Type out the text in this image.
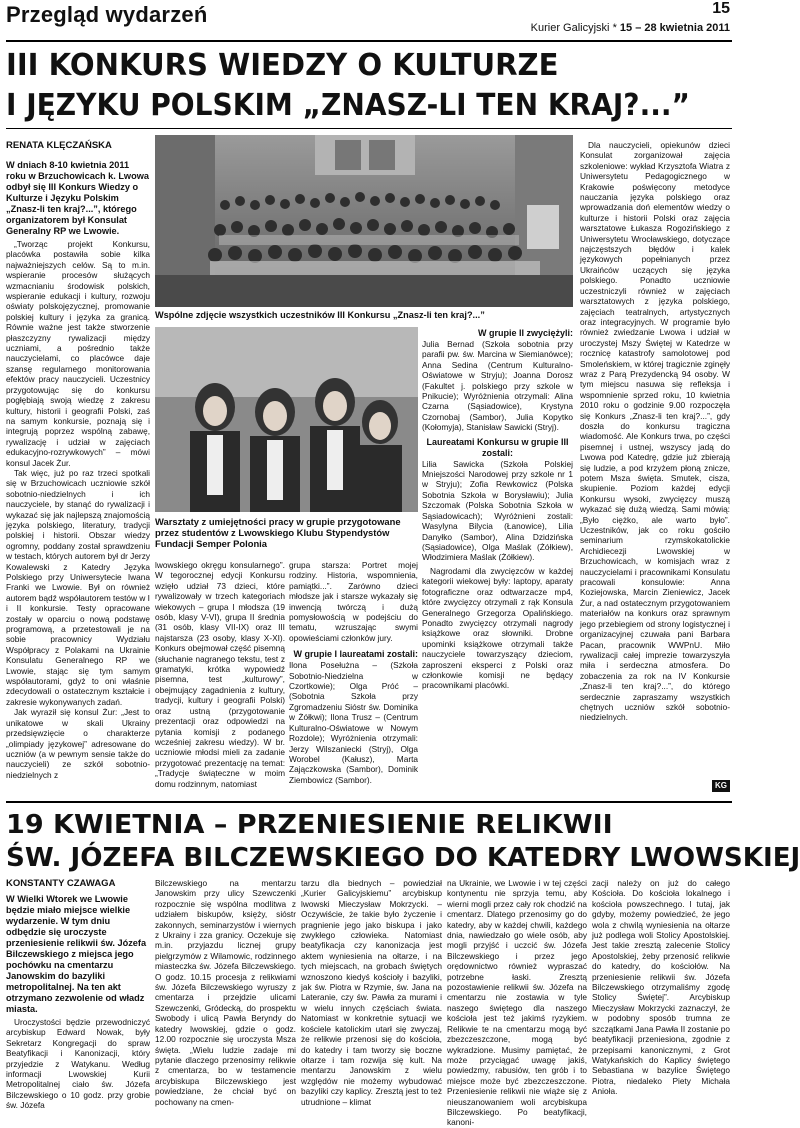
Przegląd wydarzeń	15
Kurier Galicyjski * 15 – 28 kwietnia 2011
III KONKURS WIEDZY O KULTURZE
I JĘZYKU POLSKIM „ZNASZ-LI TEN KRAJ?...”
RENATA KLĘCZAŃSKA
W dniach 8-10 kwietnia 2011 roku w Brzuchowicach k. Lwowa odbył się III Konkurs Wiedzy o Kulturze i Języku Polskim „Znasz-li ten kraj?...”, którego organizatorem był Konsulat Generalny RP we Lwowie.

„Tworząc projekt Konkursu, placówka postawiła sobie kilka najważniejszych celów. Są to m.in. wspieranie procesów służących wzmacnianiu środowisk polskich, wspieranie edukacji i kultury, rozwoju oświaty polskojęzycznej, promowanie polskiej kultury i języka za granicą. Równie ważne jest także stworzenie płaszczyzny rywalizacji między uczniami, a pośrednio także nauczycielami, co placówce daje szansę regularnego monitorowania efektów pracy nauczycieli. Uczestnicy przygotowując się do konkursu pogłębiają swoją wiedzę z zakresu kultury, historii i geografii Polski, zaś na samym konkursie, poznają się i integrują poprzez wspólną zabawę, rywalizację i udział w zajęciach edukacyjno-rozrywkowych” – mówi konsul Jacek Żur.

Tak więc, już po raz trzeci spotkali się w Brzuchowicach uczniowie szkół sobotnio-niedzielnych i ich nauczyciele, by stanąć do rywalizacji i wykazać się jak najlepszą znajomością języka polskiego, literatury, tradycji polskiej i historii. Obszar wiedzy ogromny, poddany został sprawdzeniu w testach, których autorem był dr Jerzy Kowalewski z Katedry Języka Polskiego przy Uniwersytecie Iwana Franki we Lwowie. Był on również autorem bądź współautorem testów w I i II konkursie. Testy opracowane zostały w oparciu o nową podstawę programową, a przetestowali je na sobie pracownicy Wydziału Współpracy z Polakami na Ukrainie Konsulatu Generalnego RP we Lwowie, stając się tym samym współautorami, gdyż to oni właśnie zdecydowali o ostatecznym kształcie i zakresie wykonywanych zadań.

Jak wyraził się konsul Żur: „Jest to unikatowe w skali Ukrainy przedsięwzięcie o charakterze „olimpiady językowej” adresowane do uczniów (a w pewnym sensie także do nauczycieli) ze szkół sobotnio-niedzielnych z

Wspólne zdjęcie wszystkich uczestników III Konkursu „Znasz-li ten kraj?...”
Warsztaty z umiejętności pracy w grupie przygotowane przez studentów z Lwowskiego Klubu Stypendystów Fundacji Semper Polonia
W grupie II zwyciężyli:
Julia Bernad (Szkoła sobotnia przy parafii pw. św. Marcina w Siemianówce); Anna Sedina (Centrum Kulturalno-Oświatowe w Stryju); Joanna Dorosz (Fakultet j. polskiego przy szkole w Pnikucie); Wyróżnienia otrzymali: Alina Czarna (Sąsiadowice), Krystyna Czornobaj (Sambor), Julia Kopytko (Kołomyja), Stanisław Sawicki (Stryj).
Laureatami Konkursu w grupie III zostali:
Lilia Sawicka (Szkoła Polskiej Mniejszości Narodowej przy szkole nr 1 w Stryju); Zofia Rewkowicz (Polska Sobotnia Szkoła w Borysławiu); Julia Szczomak (Polska Sobotnia Szkoła w Sąsiadowicach); Wyróżnieni zostali: Wasylyna Bilycia (Łanowice), Lilia Danyłko (Sambor), Alina Dzidzińska (Sąsiadowice), Olga Maślak (Żółkiew), Włodzimiera Maślak (Żółkiew).

lwowskiego okręgu konsularnego”. W tegorocznej edycji Konkursu wzięło udział 73 dzieci, które rywalizowały w trzech kategoriach wiekowych – grupa I młodsza (19 osób, klasy V-VI), grupa II średnia (31 osób, klasy VII-IX) oraz III najstarsza (23 osoby, klasy X-XI). Konkurs obejmował część pisemną (słuchanie nagranego tekstu, test z gramatyki, krótka wypowiedź pisemna, test „kulturowy”, obejmujący zagadnienia z kultury, tradycji, kultury i geografii Polski) oraz ustną (przygotowanie prezentacji oraz odpowiedzi na pytania komisji z podanego wcześniej zakresu wiedzy). W br. uczniowie młodsi mieli za zadanie przygotować prezentację na temat: „Tradycje świąteczne w moim domu rodzinnym, natomiast

grupa starsza: Portret mojej rodziny. Historia, wspomnienia, pamiątki...”. Zarówno dzieci młodsze jak i starsze wykazały się inwencją twórczą i dużą pomysłowością w podejściu do tematu, wzruszając swymi opowieściami członków jury.

W grupie I laureatami zostali:
Ilona Posełużna – (Szkoła Sobotnio-Niedzielna w Czortkowie); Olga Próć – (Sobotnia Szkoła przy Zgromadzeniu Sióstr św. Dominika w Żółkwi); Ilona Trusz – (Centrum Kulturalno-Oświatowe w Nowym Rozdole); Wyróżnienia otrzymali: Jerzy Wilszaniecki (Stryj), Olga Worobel (Kałusz), Marta Zajączkowska (Sambor), Dominik Ziembowicz (Sambor).

Nagrodami dla zwycięzców w każdej kategorii wiekowej były: laptopy, aparaty fotograficzne oraz odtwarzacze mp4, które zwycięzcy otrzymali z rąk Konsula Generalnego Grzegorza Opalińskiego. Ponadto zwycięzcy otrzymali nagrody książkowe oraz słowniki. Drobne upominki książkowe otrzymali także nauczyciele towarzyszący dzieciom, zaproszeni eksperci z Polski oraz członkowie komisji ne będący pracownikami placówki.

Dla nauczycieli, opiekunów dzieci Konsulat zorganizował zajęcia szkoleniowe: wykład Krzysztofa Wiatra z Uniwersytetu Pedagogicznego w Krakowie poświęcony metodyce nauczania języka polskiego oraz wprowadzania doń elementów wiedzy o kulturze i historii Polski oraz zajęcia warsztatowe Łukasza Rogozińskiego z Uniwersytetu Wrocławskiego, dotyczące najczęstszych błędów i kalek językowych popełnianych przez Ukraińców uczących się języka polskiego. Ponadto uczniowie uczestniczyli również w zajęciach warsztatowych z języka polskiego, zajęciach teatralnych, artystycznych oraz integracyjnych. W programie było również zwiedzanie Lwowa i udział w uroczystej Mszy Świętej w Katedrze w rocznicę katastrofy samolotowej pod Smoleńskiem, w której tragicznie zginęły wraz z Parą Prezydencką 94 osoby. W tym miejscu nasuwa się refleksja i wspomnienie sprzed roku, 10 kwietnia 2010 roku o godzinie 9.00 rozpoczęła się Konkurs „Znasz-li ten kraj?...”, gdy doszła do konkursu tragiczna wiadomość. Ale Konkurs trwa, po części pisemnej i ustnej, wszyscy jadą do Lwowa pod Katedrę, gdzie już zbierają się ludzie, a pod krzyżem płoną znicze, potem Msza święta. Smutek, cisza, skupienie. Poziom każdej edycji Konkursu wysoki, zwycięzcy muszą wykazać się dużą wiedzą. Sami mówią: „Było ciężko, ale warto było”. Uczestników, jak co roku gościło seminarium rzymskokatolickie Archidiecezji Lwowskiej w Brzuchowicach, w komisjach wraz z nauczycielami i pracownikami Konsulatu pracowali konsulowie: Anna Koziejowska, Marcin Zieniewicz, Jacek Żur, a nad ostatecznym przygotowaniem materiałów na konkurs oraz sprawnym jego przebiegiem od strony logistycznej i organizacyjnej czuwała pani Barbara Pacan, pracownik WWPnU. Miło rywalizacji całej imprezie towarzyszyła miła i serdeczna atmosfera. Do zobaczenia za rok na IV Konkursie „Znasz-li ten kraj?...”, do którego serdecznie zapraszamy wszystkich chętnych uczniów szkół sobotnio-niedzielnych.

KG
19 KWIETNIA – PRZENIESIENIE RELIKWII
ŚW. JÓZEFA BILCZEWSKIEGO DO KATEDRY LWOWSKIEJ
KONSTANTY CZAWAGA
W Wielki Wtorek we Lwowie będzie miało miejsce wielkie wydarzenie. W tym dniu odbędzie się uroczyste przeniesienie relikwii św. Józefa Bilczewskiego z miejsca jego pochówku na cmentarzu Janowskim do bazyliki metropolitalnej. Na ten akt otrzymano zezwolenie od władz miasta.

Uroczystości będzie przewodniczyć arcybiskup Edward Nowak, były Sekretarz Kongregacji do spraw Beatyfikacji i Kanonizacji, który przyjedzie z Watykanu. Według informacji Lwowskiej Kurii Metropolitalnej ciało św. Józefa Bilczewskiego o 10 godz. przy grobie św. Józefa

Bilczewskiego na mentarzu Janowskim przy ulicy Szewczenki rozpocznie się wspólna modlitwa z udziałem biskupów, księży, sióstr zakonnych, seminarzystów i wiernych z Ukrainy i zza granicy. Oczekuje się m.in. przyjazdu licznej grupy pielgrzymów z Wilamowic, rodzinnego miasteczka św. Józefa Bilczewskiego. O godz. 10.15 procesja z relikwiami św. Józefa Bilczewskiego wyruszy z cmentarza i przejdzie ulicami Szewczenki, Gródecką, do prospektu Swobody i ulicą Pawła Beryndy do katedry lwowskiej, gdzie o godz. 12.00 rozpocznie się uroczysta Msza święta. „Wielu ludzie zadaje mi pytanie dlaczego przenosimy relikwie z cmentarza, bo w testamencie arcybiskupa Bilczewskiego jest powiedziane, że chciał być on pochowany na cmen-

tarzu dla biednych – powiedział „Kurier Galicyjskiemu” arcybiskup lwowski Mieczysław Mokrzycki. – Oczywiście, że takie było życzenie i pragnienie jego jako biskupa i jako zwykłego człowieka. Natomiast beatyfikacja czy kanonizacja jest aktem wyniesienia na ołtarze, i na tych miejscach, na grobach świętych wznoszono kiedyś kościoły i bazyliki, jak św. Piotra w Rzymie, św. Jana na Lateranie, czy św. Pawła za murami i w wielu innych częściach świata. Natomiast w konkretnie sytuacji we kościele katolickim utarł się zwyczaj, że relikwie przenosi się do kościoła, do katedry i tam tworzy się boczne ołtarze i tam rozwija się kult. Na mentarzu Janowskim z wielu względów nie możemy wybudować bazyliki czy kaplicy. Zresztą jest to też utrudnione – klimat

na Ukrainie, we Lwowie i w tej części kontynentu nie sprzyja temu, aby wierni mogli przez cały rok chodzić na cmentarz. Dlatego przenosimy go do katedry, aby w każdej chwili, każdego dnia, nawiedzało go wiele osób, aby mogli przyjść i uczcić św. Józefa Bilczewskiego i przez jego orędownictwo również wypraszać potrzebne łaski. Zresztą pozostawienie relikwii św. Józefa na cmentarzu nie zostawia w tyle naszego świętego dla naszego kościoła jest też jakimś ryzykiem. Relikwie te na cmentarzu mogą być zbezczeszczone, mogą być wykradzione. Musimy pamiętać, że może przyciągać uwagę jakiś, powiedzmy, rabusiów, ten grób i to miejsce może być zbezczeszczone. Przeniesienie relikwii nie wiąże się z nieuszanowaniem woli arcybiskupa Bilczewskiego. Po beatyfikacji, kanoni-

zacji należy on już do całego Kościoła. Do kościoła lokalnego i kościoła powszechnego. I tutaj, jak gdyby, możemy powiedzieć, że jego wola z chwilą wyniesienia na ołtarze już podlega woli Stolicy Apostolskiej. Jest takie zresztą zalecenie Stolicy Apostolskiej, żeby przenosić relikwie do katedry, do kościołów. Na przeniesienie relikwii św. Józefa Bilczewskiego otrzymaliśmy zgodę Stolicy Świętej”. Arcybiskup Mieczysław Mokrzycki zaznaczył, że w podobny sposób trumna ze szczątkami Jana Pawła II zostanie po beatyfikacji przeniesiona, zgodnie z przepisami kanonicznymi, z Grot Watykańskich do Kaplicy świętego Sebastiana w bazylice Świętego Piotra, niedaleko Piety Michała Anioła.
